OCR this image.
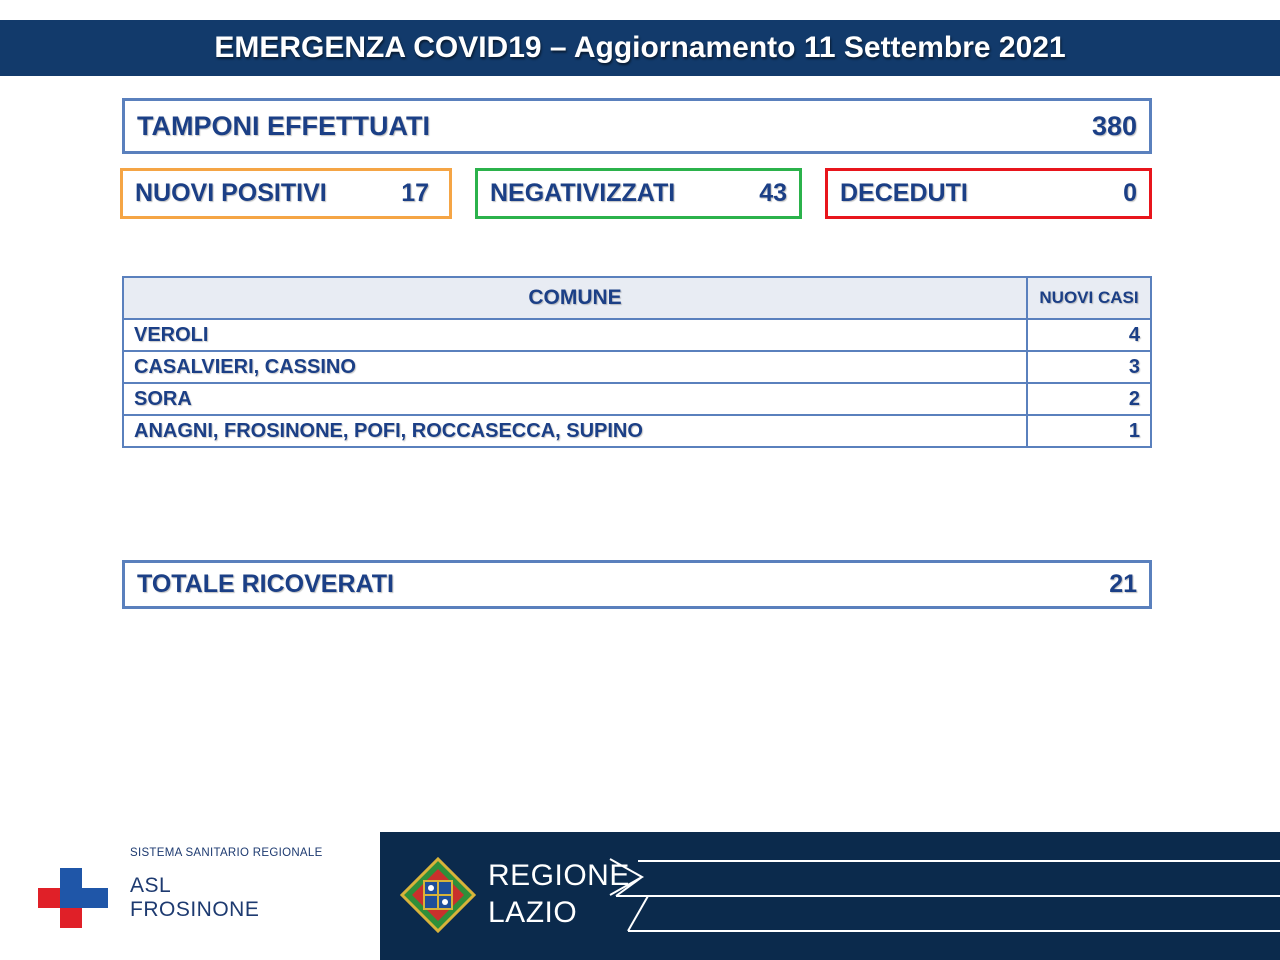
EMERGENZA COVID19 – Aggiornamento 11 Settembre 2021
TAMPONI EFFETTUATI	380
NUOVI POSITIVI	17 NEGATIVIZZATI	43 DECEDUTI	0
COMUNE	NUOVI CASI
VEROLI	4
CASALVIERI, CASSINO	3
SORA	2
ANAGNI, FROSINONE, POFI, ROCCASECCA, SUPINO	1
TOTALE RICOVERATI	21
SISTEMA SANITARIO REGIONALE
ASL
FROSINONE
REGIONE
LAZIO
